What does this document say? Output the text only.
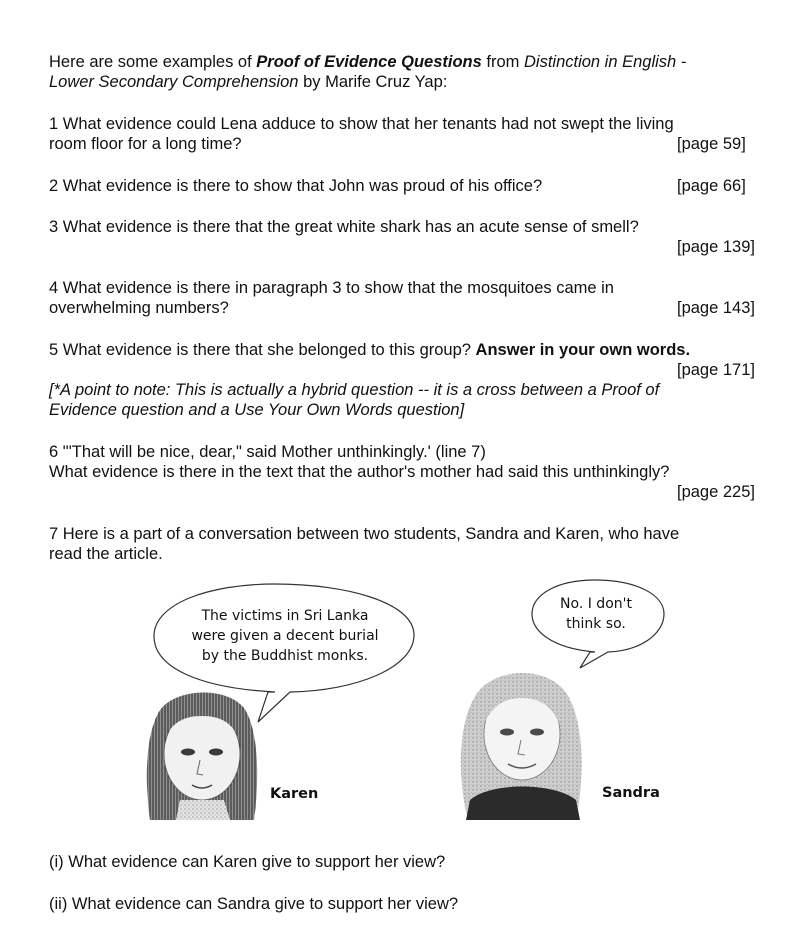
Here are some examples of Proof of Evidence Questions from Distinction in English -
Lower Secondary Comprehension by Marife Cruz Yap:
1 What evidence could Lena adduce to show that her tenants had not swept the living
room floor for a long time?	[page 59]
2 What evidence is there to show that John was proud of his office?	[page 66]
3 What evidence is there that the great white shark has an acute sense of smell?
[page 139]
4 What evidence is there in paragraph 3 to show that the mosquitoes came in
overwhelming numbers?	[page 143]
5 What evidence is there that she belonged to this group? Answer in your own words.
[page 171]
[*A point to note: This is actually a hybrid question -- it is a cross between a Proof of
Evidence question and a Use Your Own Words question]
6 "'That will be nice, dear," said Mother unthinkingly.' (line 7)
What evidence is there in the text that the author's mother had said this unthinkingly?
[page 225]
7 Here is a part of a conversation between two students, Sandra and Karen, who have
read the article.
The victims in Sri Lanka
were given a decent burial
by the Buddhist monks.
No. I don't
think so.
Karen	Sandra
(i) What evidence can Karen give to support her view?
(ii) What evidence can Sandra give to support her view?
